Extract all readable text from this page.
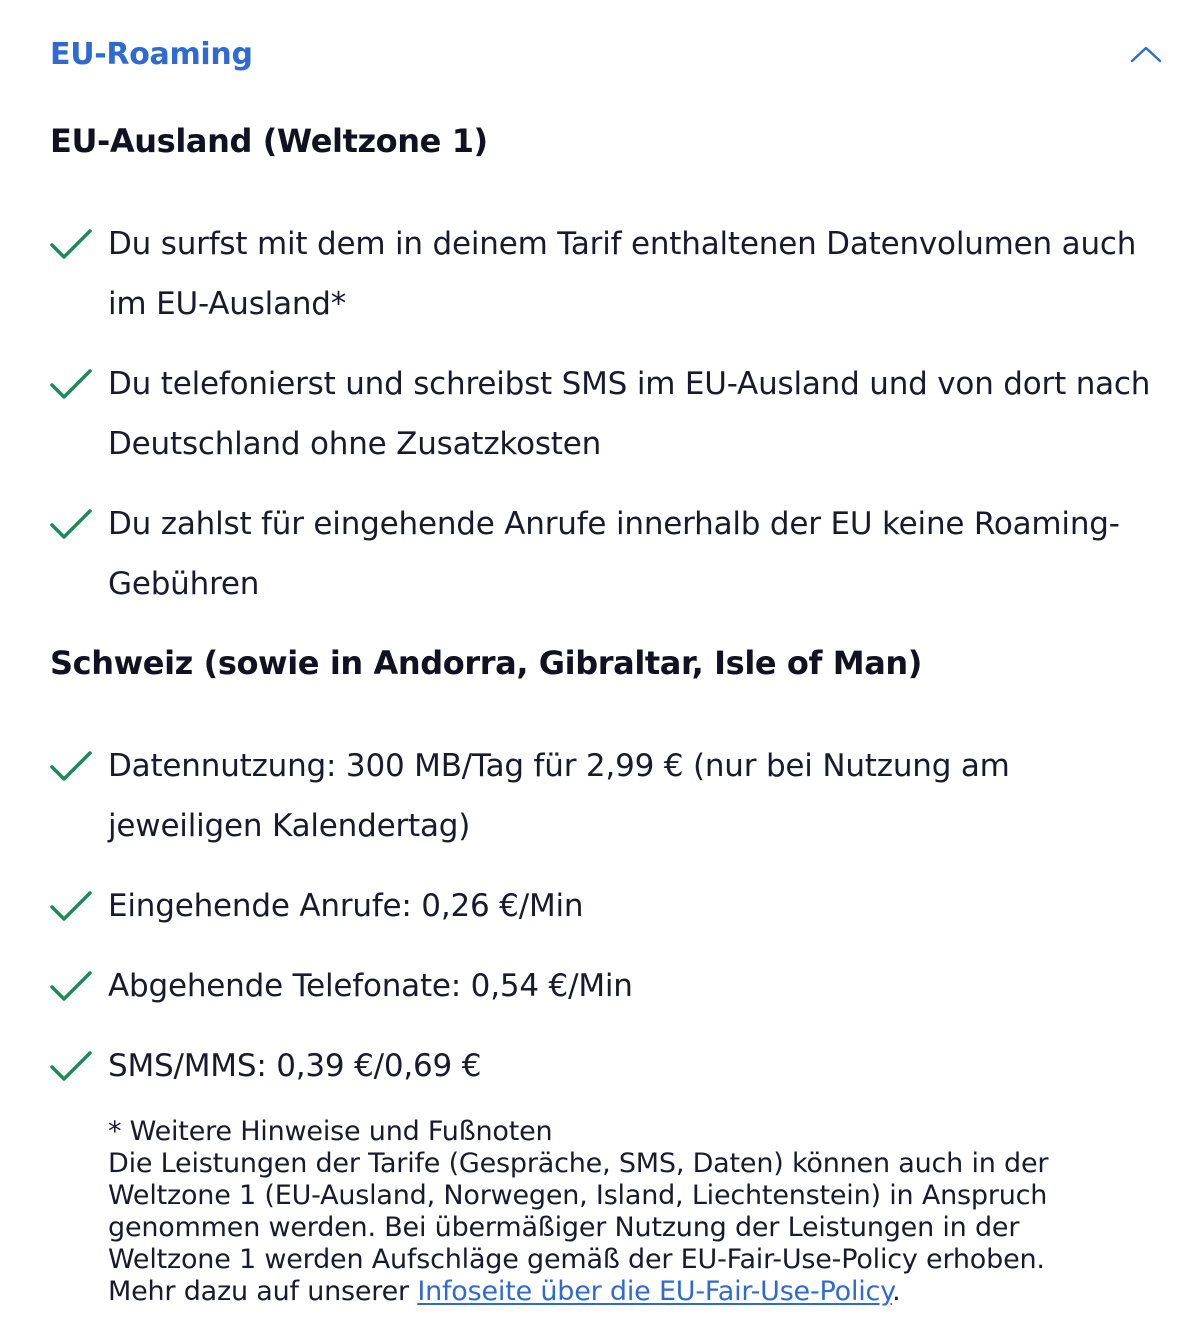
EU-Roaming
EU-Ausland (Weltzone 1)
Du surfst mit dem in deinem Tarif enthaltenen Datenvolumen auch im EU-Ausland*
Du telefonierst und schreibst SMS im EU-Ausland und von dort nach Deutschland ohne Zusatzkosten
Du zahlst für eingehende Anrufe innerhalb der EU keine Roaming-Gebühren
Schweiz (sowie in Andorra, Gibraltar, Isle of Man)
Datennutzung: 300 MB/Tag für 2,99 € (nur bei Nutzung am jeweiligen Kalendertag)
Eingehende Anrufe: 0,26 €/Min
Abgehende Telefonate: 0,54 €/Min
SMS/MMS: 0,39 €/0,69 €

* Weitere Hinweise und Fußnoten

Die Leistungen der Tarife (Gespräche, SMS, Daten) können auch in der Weltzone 1 (EU-Ausland, Norwegen, Island, Liechtenstein) in Anspruch genommen werden. Bei übermäßiger Nutzung der Leistungen in der Weltzone 1 werden Aufschläge gemäß der EU-Fair-Use-Policy erhoben. Mehr dazu auf unserer Infoseite über die EU-Fair-Use-Policy.
